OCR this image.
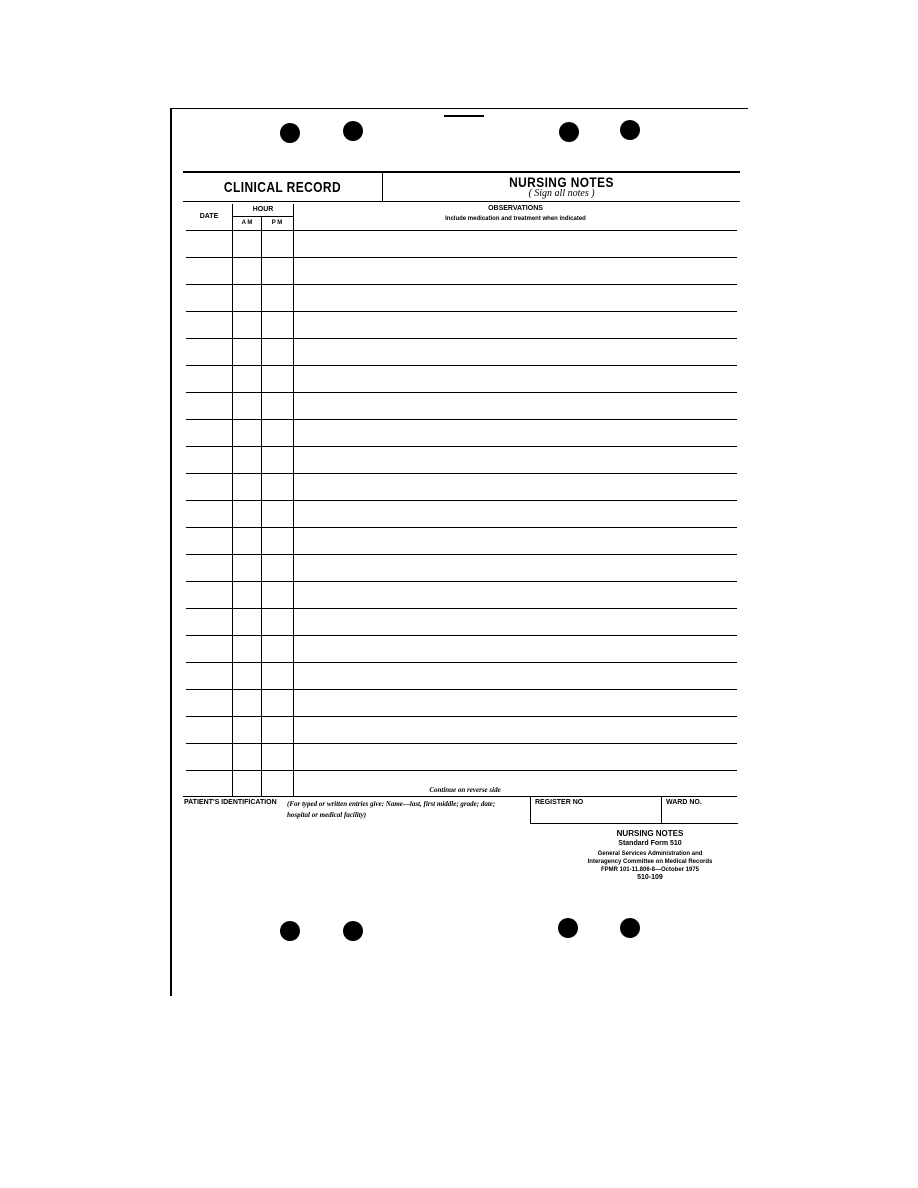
CLINICAL RECORD	NURSING NOTES
( Sign all notes )
DATE
HOUR
A M	P M
OBSERVATIONS
Include medication and treatment when indicated
Continue on reverse side
PATIENT'S IDENTIFICATION (For typed or written entries give: Name—last, first middle; grade; date; hospital or medical facility)
REGISTER NO	WARD NO.
NURSING NOTES
Standard Form 510
General Services Administration and
Interagency Committee on Medical Records
FPMR 101-11.806-8—October 1975
510-109
